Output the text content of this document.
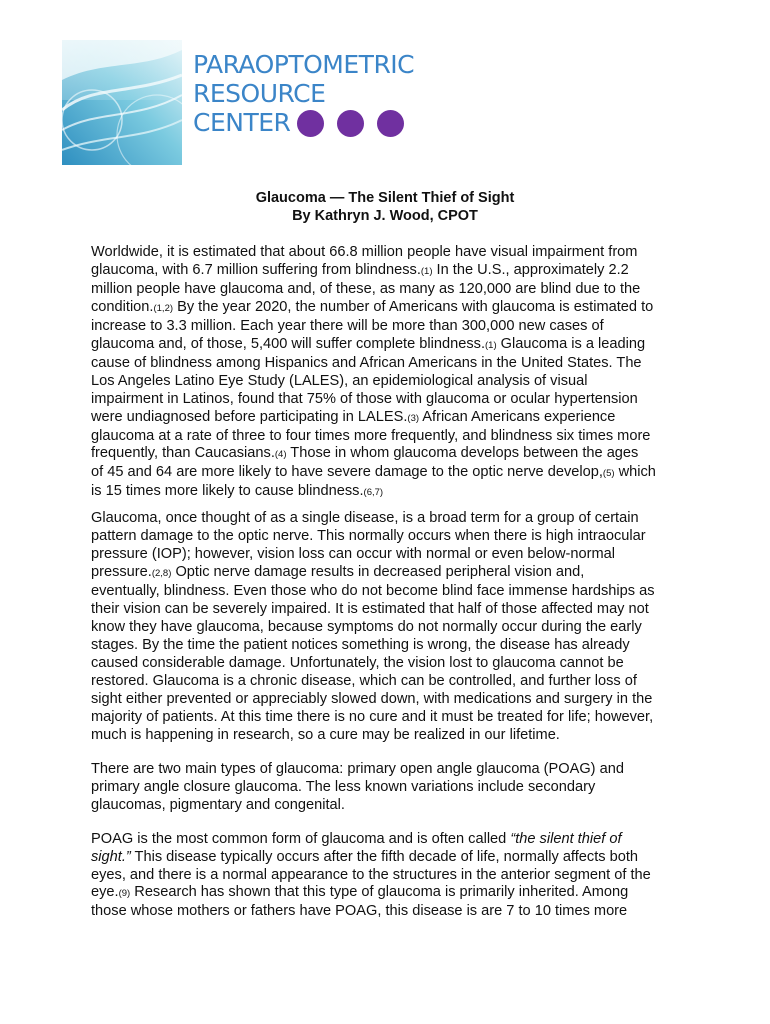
PARAOPTOMETRIC
RESOURCE
CENTER
Glaucoma — The Silent Thief of Sight
By Kathryn J. Wood, CPOT
Worldwide, it is estimated that about 66.8 million people have visual impairment from
glaucoma, with 6.7 million suffering from blindness.(1) In the U.S., approximately 2.2
million people have glaucoma and, of these, as many as 120,000 are blind due to the
condition.(1,2) By the year 2020, the number of Americans with glaucoma is estimated to
increase to 3.3 million. Each year there will be more than 300,000 new cases of
glaucoma and, of those, 5,400 will suffer complete blindness.(1) Glaucoma is a leading
cause of blindness among Hispanics and African Americans in the United States. The
Los Angeles Latino Eye Study (LALES), an epidemiological analysis of visual
impairment in Latinos, found that 75% of those with glaucoma or ocular hypertension
were undiagnosed before participating in LALES.(3) African Americans experience
glaucoma at a rate of three to four times more frequently, and blindness six times more
frequently, than Caucasians.(4) Those in whom glaucoma develops between the ages
of 45 and 64 are more likely to have severe damage to the optic nerve develop,(5) which
is 15 times more likely to cause blindness.(6,7)
Glaucoma, once thought of as a single disease, is a broad term for a group of certain
pattern damage to the optic nerve. This normally occurs when there is high intraocular
pressure (IOP); however, vision loss can occur with normal or even below-normal
pressure.(2,8) Optic nerve damage results in decreased peripheral vision and,
eventually, blindness. Even those who do not become blind face immense hardships as
their vision can be severely impaired. It is estimated that half of those affected may not
know they have glaucoma, because symptoms do not normally occur during the early
stages. By the time the patient notices something is wrong, the disease has already
caused considerable damage. Unfortunately, the vision lost to glaucoma cannot be
restored. Glaucoma is a chronic disease, which can be controlled, and further loss of
sight either prevented or appreciably slowed down, with medications and surgery in the
majority of patients. At this time there is no cure and it must be treated for life; however,
much is happening in research, so a cure may be realized in our lifetime.
There are two main types of glaucoma: primary open angle glaucoma (POAG) and
primary angle closure glaucoma. The less known variations include secondary
glaucomas, pigmentary and congenital.
POAG is the most common form of glaucoma and is often called “the silent thief of
sight.” This disease typically occurs after the fifth decade of life, normally affects both
eyes, and there is a normal appearance to the structures in the anterior segment of the
eye.(9) Research has shown that this type of glaucoma is primarily inherited. Among
those whose mothers or fathers have POAG, this disease is are 7 to 10 times more
